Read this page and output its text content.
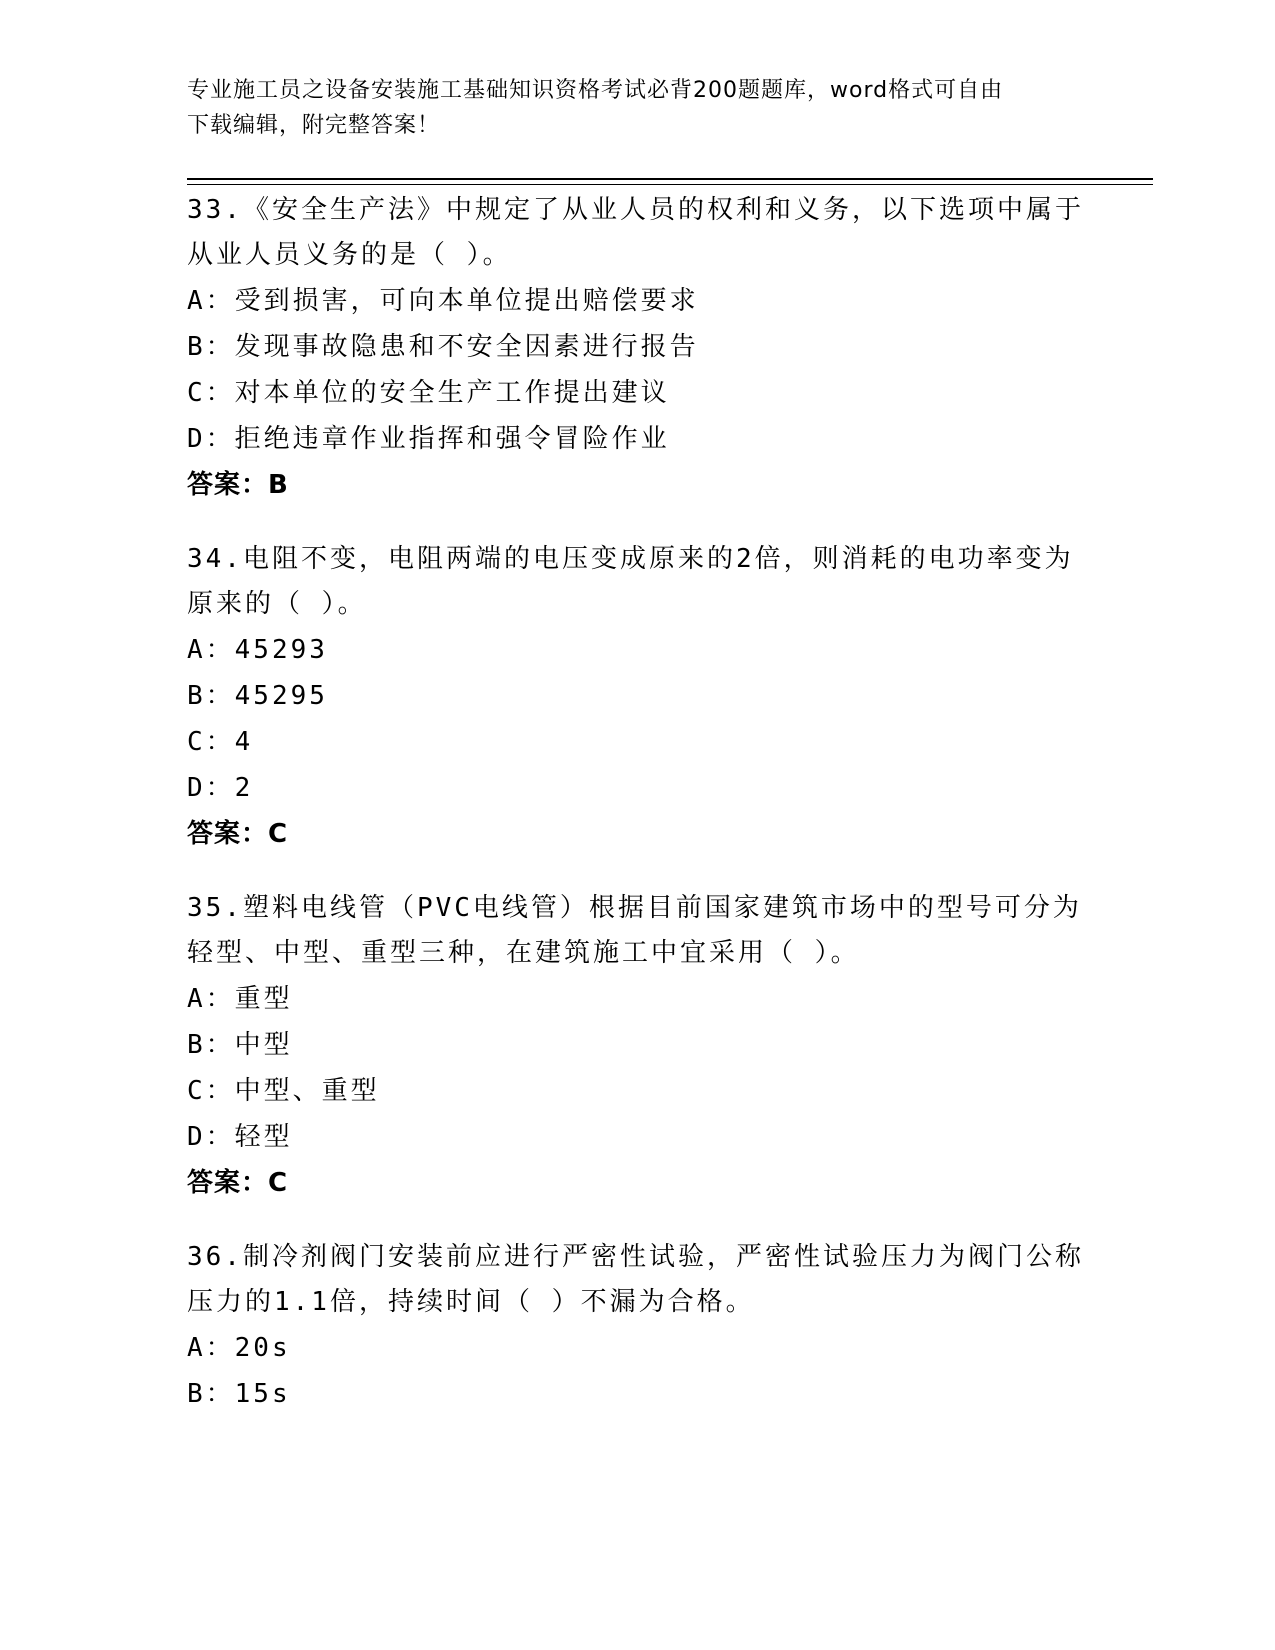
专业施工员之设备安装施工基础知识资格考试必背200题题库，word格式可自由
下载编辑，附完整答案！

33.《安全生产法》中规定了从业人员的权利和义务，以下选项中属于

从业人员义务的是（ ）。

A：受到损害，可向本单位提出赔偿要求

B：发现事故隐患和不安全因素进行报告

C：对本单位的安全生产工作提出建议

D：拒绝违章作业指挥和强令冒险作业

答案：B

34.电阻不变，电阻两端的电压变成原来的2倍，则消耗的电功率变为

原来的（ ）。

A：45293

B：45295

C：4

D：2

答案：C

35.塑料电线管（PVC电线管）根据目前国家建筑市场中的型号可分为

轻型、中型、重型三种，在建筑施工中宜采用（ ）。

A：重型

B：中型

C：中型、重型

D：轻型

答案：C

36.制冷剂阀门安装前应进行严密性试验，严密性试验压力为阀门公称

压力的1.1倍，持续时间（ ）不漏为合格。

A：20s

B：15s
